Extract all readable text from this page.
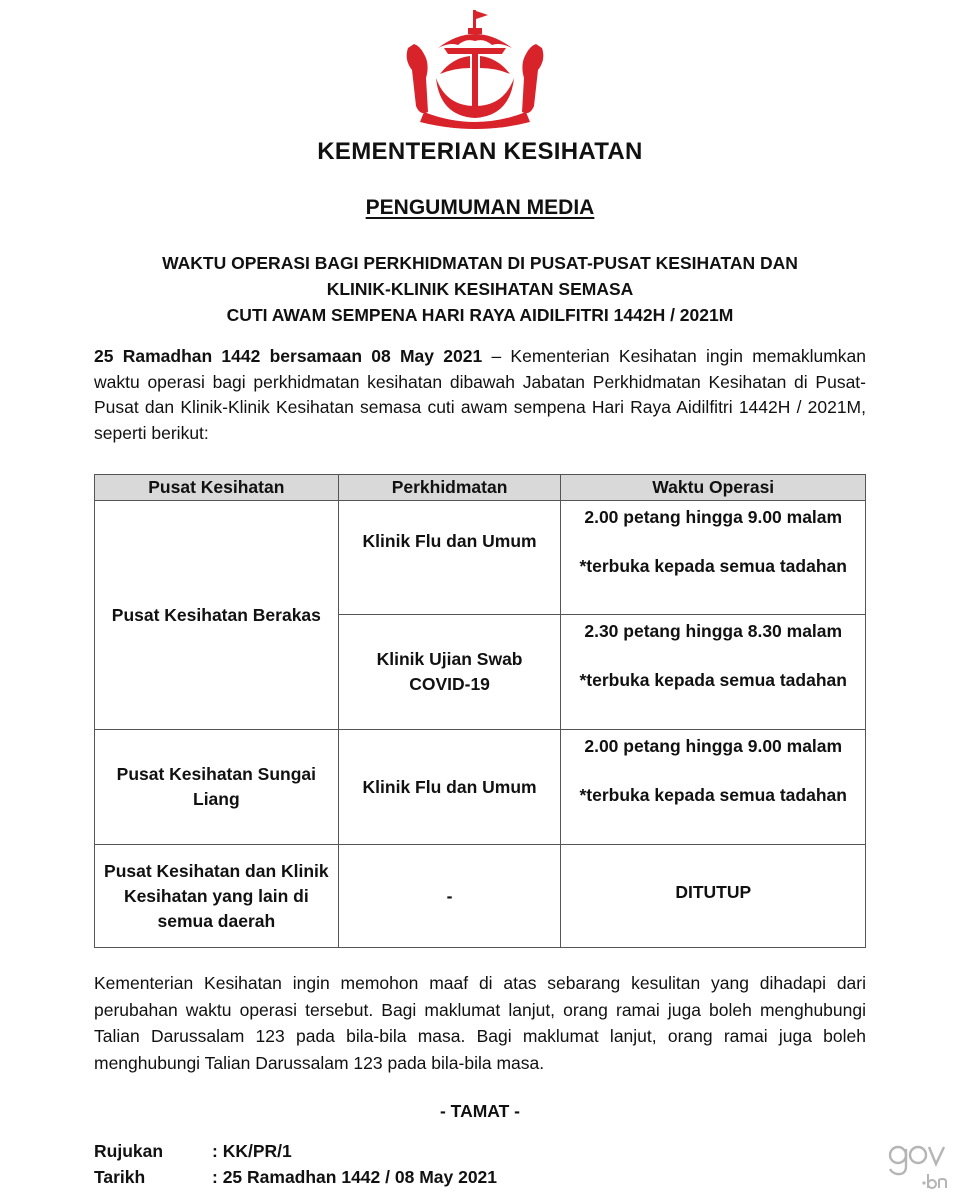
KEMENTERIAN KESIHATAN
PENGUMUMAN MEDIA
WAKTU OPERASI BAGI PERKHIDMATAN DI PUSAT-PUSAT KESIHATAN DAN
KLINIK-KLINIK KESIHATAN SEMASA
CUTI AWAM SEMPENA HARI RAYA AIDILFITRI 1442H / 2021M
25 Ramadhan 1442 bersamaan 08 May 2021 – Kementerian Kesihatan ingin memaklumkan waktu operasi bagi perkhidmatan kesihatan dibawah Jabatan Perkhidmatan Kesihatan di Pusat-Pusat dan Klinik-Klinik Kesihatan semasa cuti awam sempena Hari Raya Aidilfitri 1442H / 2021M, seperti berikut:
Pusat Kesihatan	Perkhidmatan	Waktu Operasi
Pusat Kesihatan Berakas	Klinik Flu dan Umum	2.00 petang hingga 9.00 malam
*terbuka kepada semua tadahan

	Klinik Ujian Swab COVID-19	2.30 petang hingga 8.30 malam
*terbuka kepada semua tadahan

Pusat Kesihatan Sungai Liang	Klinik Flu dan Umum	2.00 petang hingga 9.00 malam
*terbuka kepada semua tadahan

Pusat Kesihatan dan Klinik Kesihatan yang lain di semua daerah	-	DITUTUP
Kementerian Kesihatan ingin memohon maaf di atas sebarang kesulitan yang dihadapi dari perubahan waktu operasi tersebut. Bagi maklumat lanjut, orang ramai juga boleh menghubungi Talian Darussalam 123 pada bila-bila masa. Bagi maklumat lanjut, orang ramai juga boleh menghubungi Talian Darussalam 123 pada bila-bila masa.
- TAMAT -
Rujukan	: KK/PR/1
Tarikh	: 25 Ramadhan 1442 / 08 May 2021
